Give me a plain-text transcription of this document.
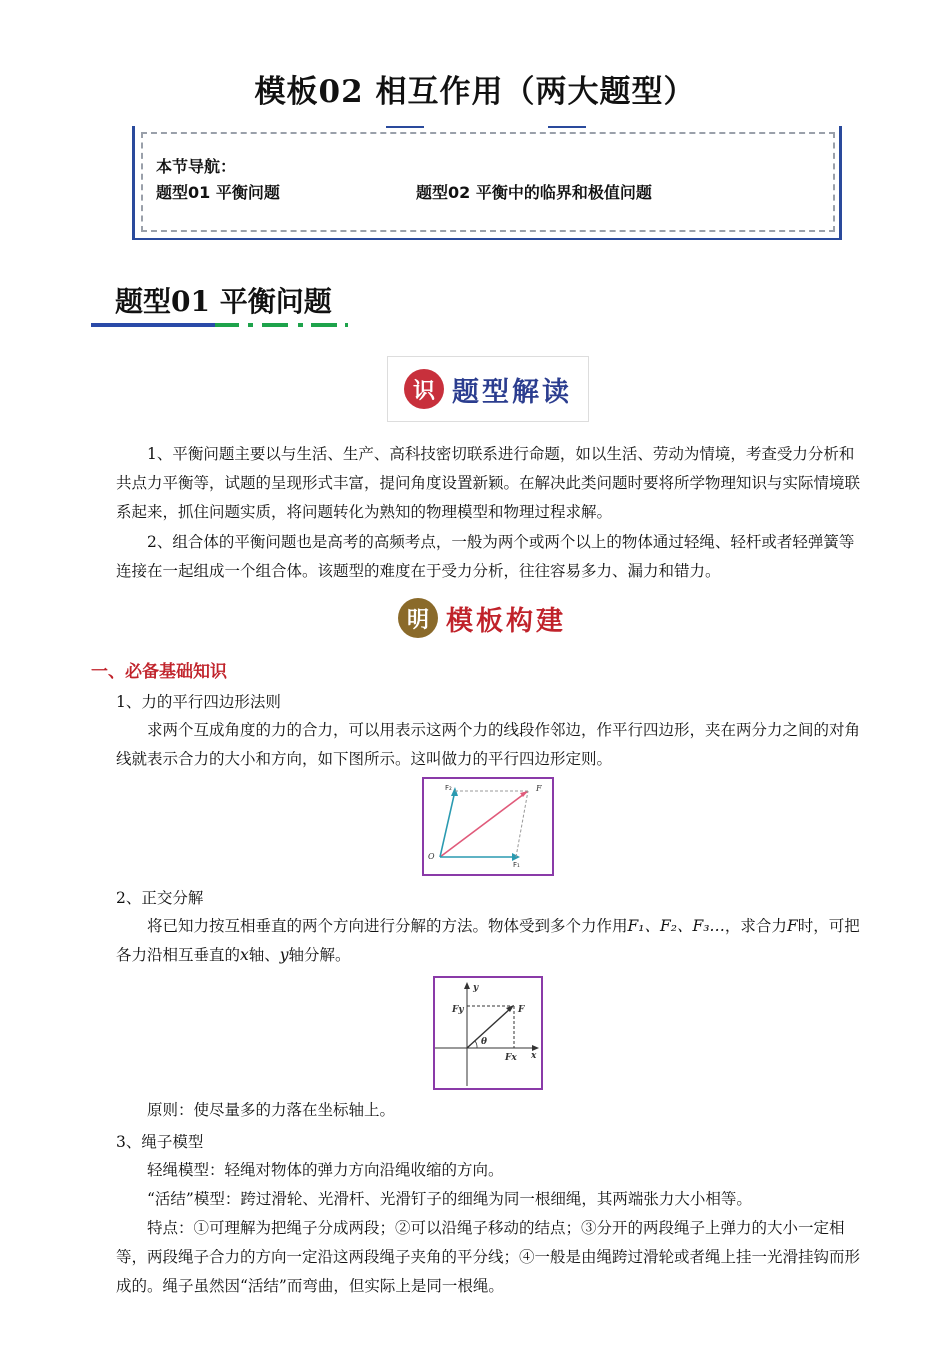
模板02 相互作用（两大题型）
本节导航：
题型01 平衡问题	题型02 平衡中的临界和极值问题
题型01 平衡问题
识 题型解读
1、平衡问题主要以与生活、生产、高科技密切联系进行命题，如以生活、劳动为情境，考查受力分析和共点力平衡等，试题的呈现形式丰富，提问角度设置新颖。在解决此类问题时要将所学物理知识与实际情境联系起来，抓住问题实质，将问题转化为熟知的物理模型和物理过程求解。
2、组合体的平衡问题也是高考的高频考点，一般为两个或两个以上的物体通过轻绳、轻杆或者轻弹簧等连接在一起组成一个组合体。该题型的难度在于受力分析，往往容易多力、漏力和错力。
明 模板构建
一、必备基础知识
1、力的平行四边形法则
求两个互成角度的力的合力，可以用表示这两个力的线段作邻边，作平行四边形，夹在两分力之间的对角线就表示合力的大小和方向，如下图所示。这叫做力的平行四边形定则。
F₂	F
O
F₁
2、正交分解
将已知力按互相垂直的两个方向进行分解的方法。物体受到多个力作用F₁、F₂、F₃…，求合力F时，可把各力沿相互垂直的x轴、y轴分解。
y
Fy	F
θ
Fx x
原则：使尽量多的力落在坐标轴上。
3、绳子模型
轻绳模型：轻绳对物体的弹力方向沿绳收缩的方向。
“活结”模型：跨过滑轮、光滑杆、光滑钉子的细绳为同一根细绳，其两端张力大小相等。
特点：①可理解为把绳子分成两段；②可以沿绳子移动的结点；③分开的两段绳子上弹力的大小一定相等，两段绳子合力的方向一定沿这两段绳子夹角的平分线；④一般是由绳跨过滑轮或者绳上挂一光滑挂钩而形成的。绳子虽然因“活结”而弯曲，但实际上是同一根绳。
